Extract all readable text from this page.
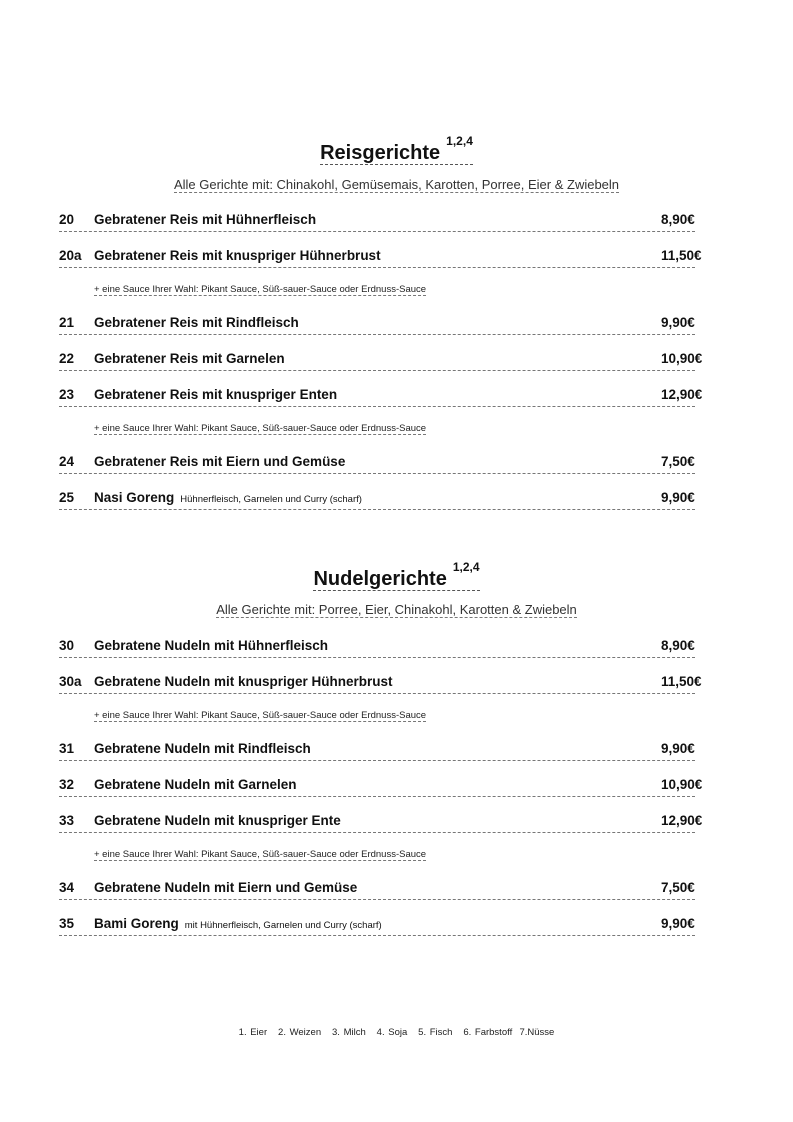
Reisgerichte$^{1,2,4}$
Alle Gerichte mit: Chinakohl, Gemüsemais, Karotten, Porree, Eier & Zwiebeln
20 Gebratener Reis mit Hühnerfleisch	8,90€
20a Gebratener Reis mit knuspriger Hühnerbrust	11,50€
+ eine Sauce Ihrer Wahl: Pikant Sauce, Süß-sauer-Sauce oder Erdnuss-Sauce
21 Gebratener Reis mit Rindfleisch	9,90€
22 Gebratener Reis mit Garnelen	10,90€
23 Gebratener Reis mit knuspriger Enten	12,90€
+ eine Sauce Ihrer Wahl: Pikant Sauce, Süß-sauer-Sauce oder Erdnuss-Sauce
24 Gebratener Reis mit Eiern und Gemüse	7,50€
25 Nasi Goreng Hühnerfleisch, Garnelen und Curry (scharf)	9,90€
Nudelgerichte$^{1,2,4}$
Alle Gerichte mit: Porree, Eier, Chinakohl, Karotten & Zwiebeln
30 Gebratene Nudeln mit Hühnerfleisch	8,90€
30a Gebratene Nudeln mit knuspriger Hühnerbrust	11,50€
+ eine Sauce Ihrer Wahl: Pikant Sauce, Süß-sauer-Sauce oder Erdnuss-Sauce
31 Gebratene Nudeln mit Rindfleisch	9,90€
32 Gebratene Nudeln mit Garnelen	10,90€
33 Gebratene Nudeln mit knuspriger Ente	12,90€
+ eine Sauce Ihrer Wahl: Pikant Sauce, Süß-sauer-Sauce oder Erdnuss-Sauce
34 Gebratene Nudeln mit Eiern und Gemüse	7,50€
35 Bami Goreng mit Hühnerfleisch, Garnelen und Curry (scharf)	9,90€
1. Eier   2. Weizen   3. Milch   4. Soja   5. Fisch   6. Farbstoff  7.Nüsse
